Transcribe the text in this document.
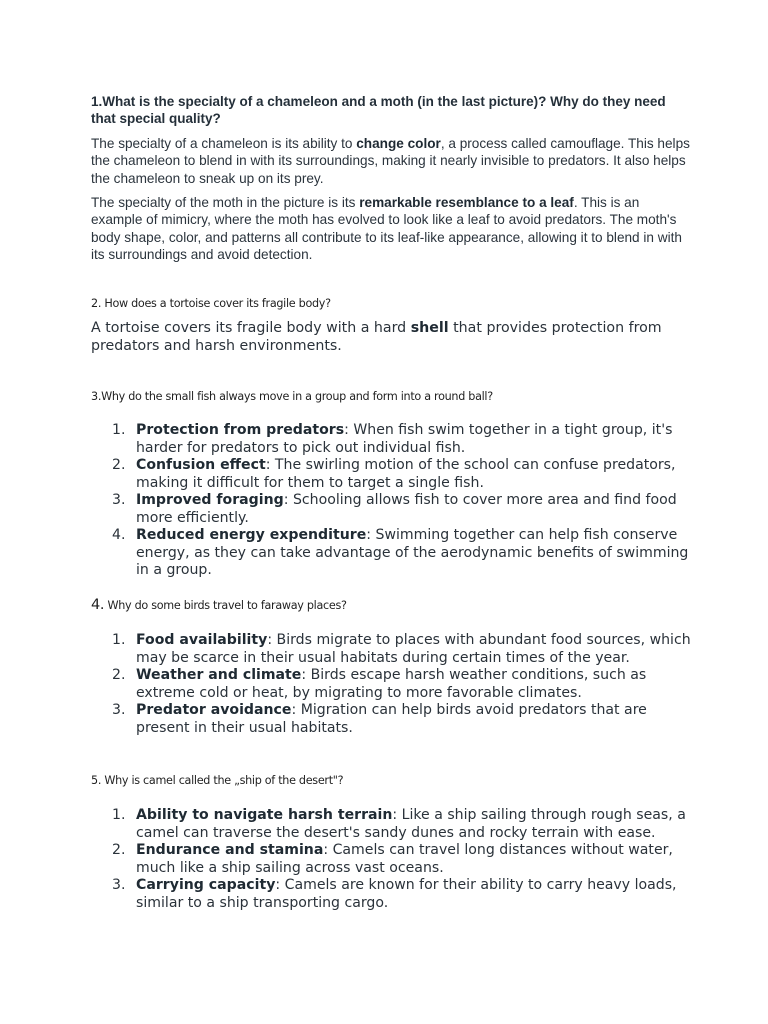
1.What is the specialty of a chameleon and a moth (in the last picture)? Why do they need that special quality?

The specialty of a chameleon is its ability to change color, a process called camouflage. This helps the chameleon to blend in with its surroundings, making it nearly invisible to predators. It also helps the chameleon to sneak up on its prey.

The specialty of the moth in the picture is its remarkable resemblance to a leaf. This is an example of mimicry, where the moth has evolved to look like a leaf to avoid predators. The moth's body shape, color, and patterns all contribute to its leaf-like appearance, allowing it to blend in with its surroundings and avoid detection.

2. How does a tortoise cover its fragile body?

A tortoise covers its fragile body with a hard shell that provides protection from predators and harsh environments.

3.Why do the small fish always move in a group and form into a round ball?
1. Protection from predators: When fish swim together in a tight group, it's harder for predators to pick out individual fish.
2. Confusion effect: The swirling motion of the school can confuse predators, making it difficult for them to target a single fish.
3. Improved foraging: Schooling allows fish to cover more area and find food more efficiently.
4. Reduced energy expenditure: Swimming together can help fish conserve energy, as they can take advantage of the aerodynamic benefits of swimming in a group.
4. Why do some birds travel to faraway places?
1. Food availability: Birds migrate to places with abundant food sources, which may be scarce in their usual habitats during certain times of the year.
2. Weather and climate: Birds escape harsh weather conditions, such as extreme cold or heat, by migrating to more favorable climates.
3. Predator avoidance: Migration can help birds avoid predators that are present in their usual habitats.
5. Why is camel called the „ship of the desert"?
1. Ability to navigate harsh terrain: Like a ship sailing through rough seas, a camel can traverse the desert's sandy dunes and rocky terrain with ease.
2. Endurance and stamina: Camels can travel long distances without water, much like a ship sailing across vast oceans.
3. Carrying capacity: Camels are known for their ability to carry heavy loads, similar to a ship transporting cargo.
